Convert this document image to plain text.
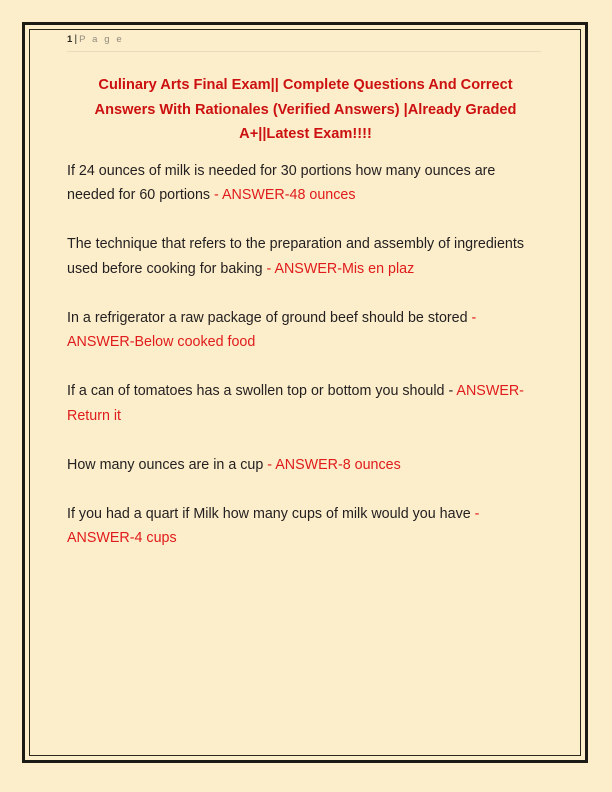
1 | P a g e
Culinary Arts Final Exam|| Complete Questions And Correct Answers With Rationales (Verified Answers) |Already Graded A+||Latest Exam!!!!
If 24 ounces of milk is needed for 30 portions how many ounces are needed for 60 portions - ANSWER-48 ounces
The technique that refers to the preparation and assembly of ingredients used before cooking for baking - ANSWER-Mis en plaz
In a refrigerator a raw package of ground beef should be stored - ANSWER-Below cooked food
If a can of tomatoes has a swollen top or bottom you should - ANSWER-Return it
How many ounces are in a cup - ANSWER-8 ounces
If you had a quart if Milk how many cups of milk would you have - ANSWER-4 cups
